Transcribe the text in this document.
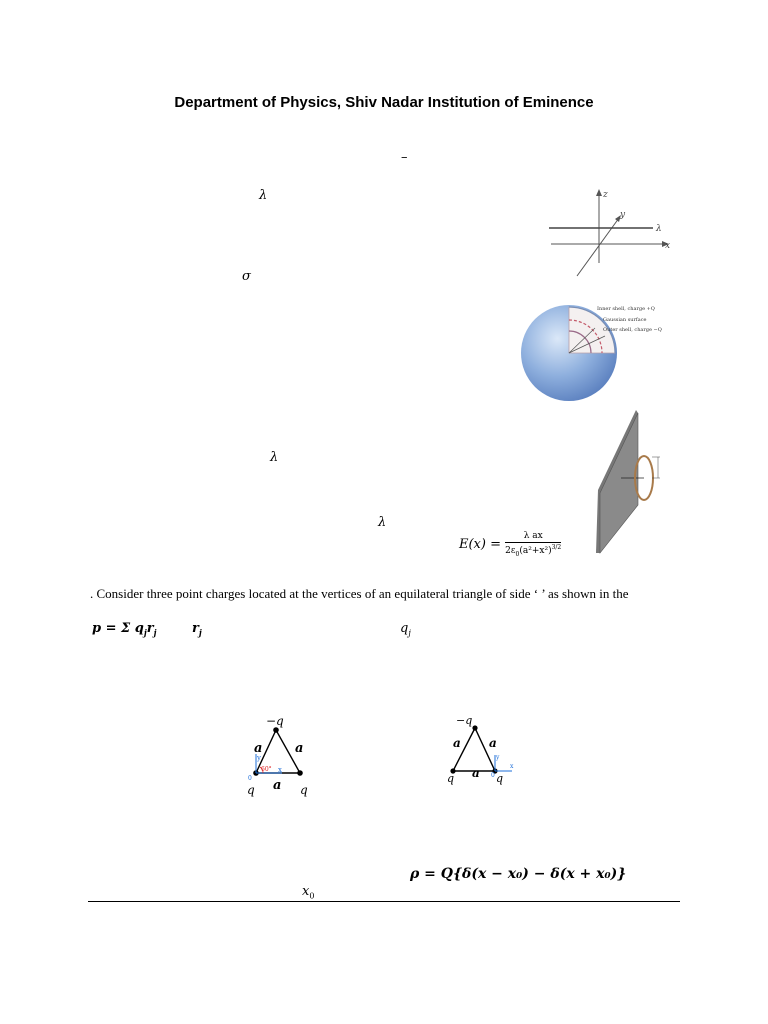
Department of Physics, Shiv Nadar Institution of Eminence
–
λ
σ
λ
λ
$E(x) = \frac{\text{λ ax}}{2\varepsilon_0(a^2+x^2)^{3/2}}$
. Consider three point charges located at the vertices of an equilateral triangle of side ‘ ’ as shown in the
p = Σ $q_jr_j$	$r_j$	$q_j$
ρ = Q{δ(x − x₀) − δ(x + x₀)}
$x_0$
z
y
x
λ
Inner shell, charge +Q
Gaussian surface
Outer shell, charge −Q
60° x
y
0
−q
a	a
a
q	q
x
y
0
−q
a a
a
q	q
